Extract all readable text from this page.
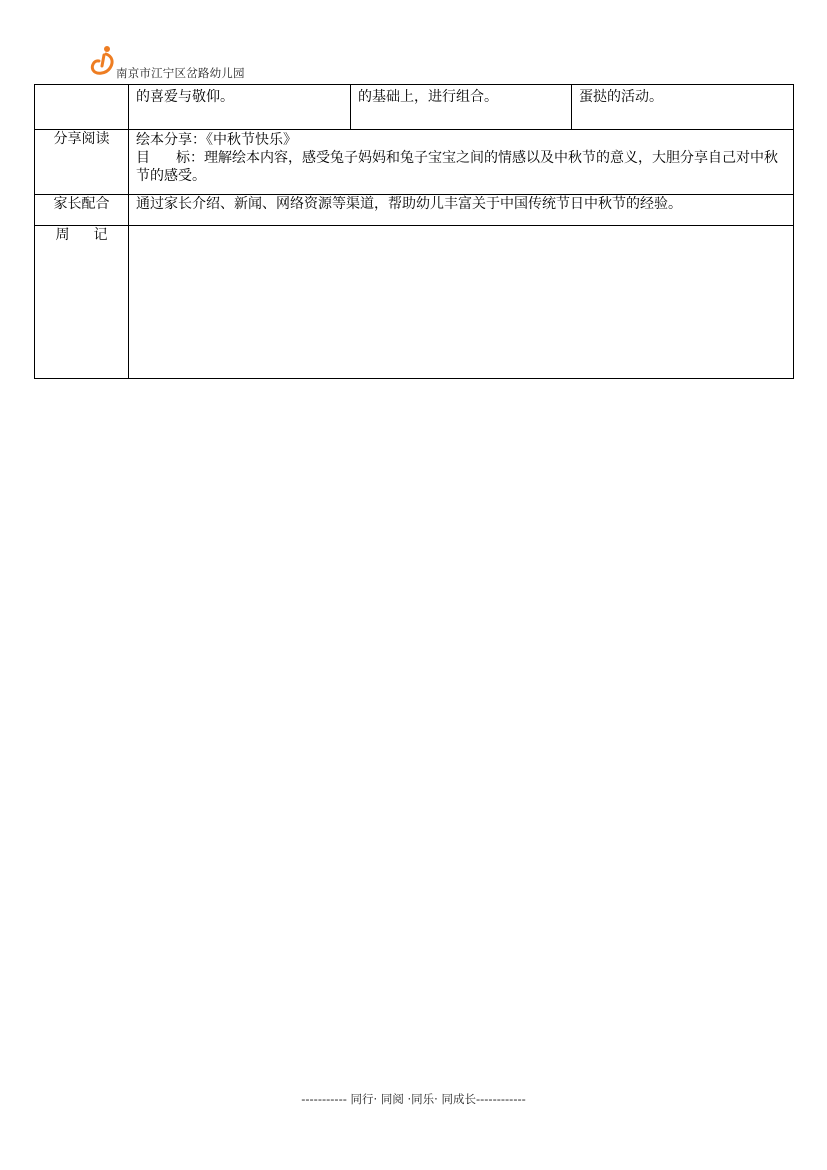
南京市江宁区岔路幼儿园

	的喜爱与敬仰。	的基础上，进行组合。	蛋挞的活动。

分享阅读	绘本分享：《中秋节快乐》
目 标：理解绘本内容，感受兔子妈妈和兔子宝宝之间的情感以及中秋节的意义，大胆分享自己对中秋节的感受。		

家长配合	通过家长介绍、新闻、网络资源等渠道，帮助幼儿丰富关于中国传统节日中秋节的经验。		

周 记			
----------- 同行· 同阅 ·同乐· 同成长------------
